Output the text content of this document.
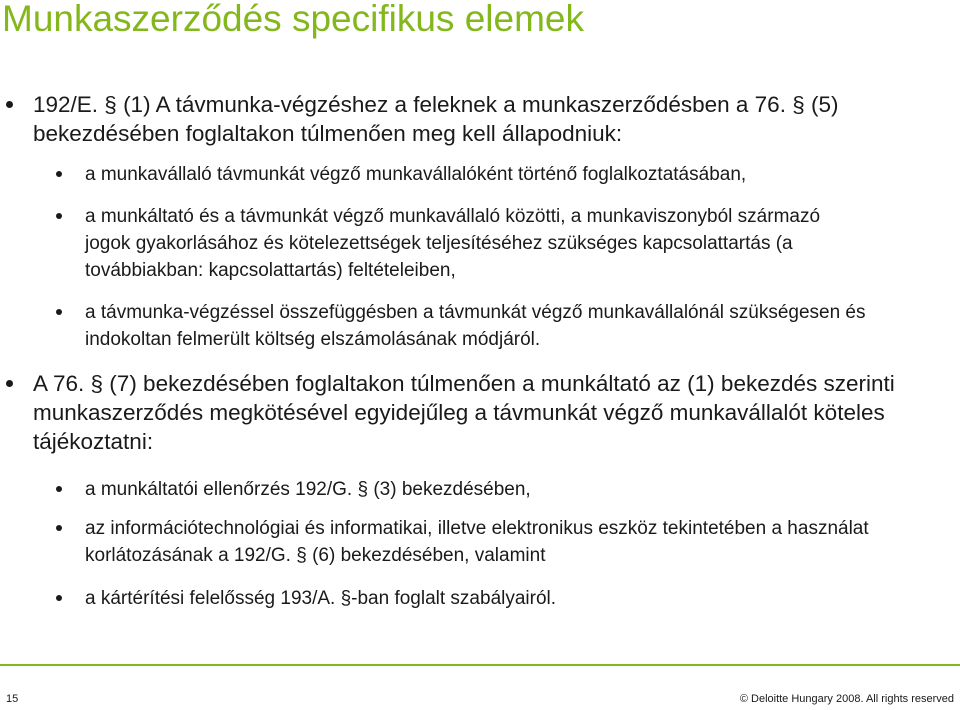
Munkaszerződés specifikus elemek
192/E. § (1) A távmunka-végzéshez a feleknek a munkaszerződésben a 76. § (5) bekezdésében foglaltakon túlmenően meg kell állapodniuk:
a munkavállaló távmunkát végző munkavállalóként történő foglalkoztatásában,
a munkáltató és a távmunkát végző munkavállaló közötti, a munkaviszonyból származó jogok gyakorlásához és kötelezettségek teljesítéséhez szükséges kapcsolattartás (a továbbiakban: kapcsolattartás) feltételeiben,
a távmunka-végzéssel összefüggésben a távmunkát végző munkavállalónál szükségesen és indokoltan felmerült költség elszámolásának módjáról.
A 76. § (7) bekezdésében foglaltakon túlmenően a munkáltató az (1) bekezdés szerinti munkaszerződés megkötésével egyidejűleg a távmunkát végző munkavállalót köteles tájékoztatni:
a munkáltatói ellenőrzés 192/G. § (3) bekezdésében,
az információtechnológiai és informatikai, illetve elektronikus eszköz tekintetében a használat korlátozásának a 192/G. § (6) bekezdésében, valamint
a kártérítési felelősség 193/A. §-ban foglalt szabályairól.
15	© Deloitte Hungary 2008. All rights reserved
